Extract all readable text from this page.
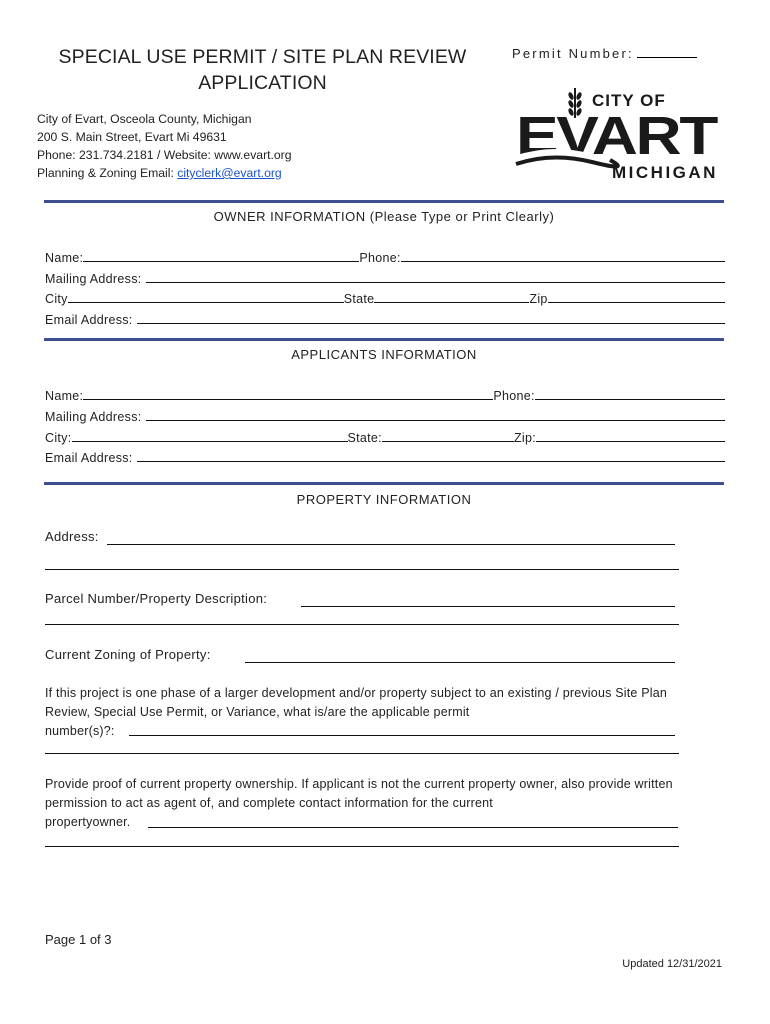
SPECIAL USE PERMIT / SITE PLAN REVIEW
APPLICATION
Permit Number:
City of Evart, Osceola County, Michigan
200 S. Main Street, Evart Mi 49631
Phone: 231.734.2181 / Website: www.evart.org
Planning & Zoning Email: cityclerk@evart.org
CITY OF
EVART
MICHIGAN
OWNER INFORMATION (Please Type or Print Clearly)
Name:	Phone:
Mailing Address:
City	State	Zip
Email Address:
APPLICANTS INFORMATION
Name:	Phone:
Mailing Address:
City:	State:	Zip:
Email Address:
PROPERTY INFORMATION
Address:
Parcel Number/Property Description:
Current Zoning of Property:
If this project is one phase of a larger development and/or property subject to an existing / previous Site Plan Review, Special Use Permit, or Variance, what is/are the applicable permit
number(s)?:
Provide proof of current property ownership. If applicant is not the current property owner, also provide written permission to act as agent of, and complete contact information for the current
propertyowner.
Page 1 of 3
Updated 12/31/2021
